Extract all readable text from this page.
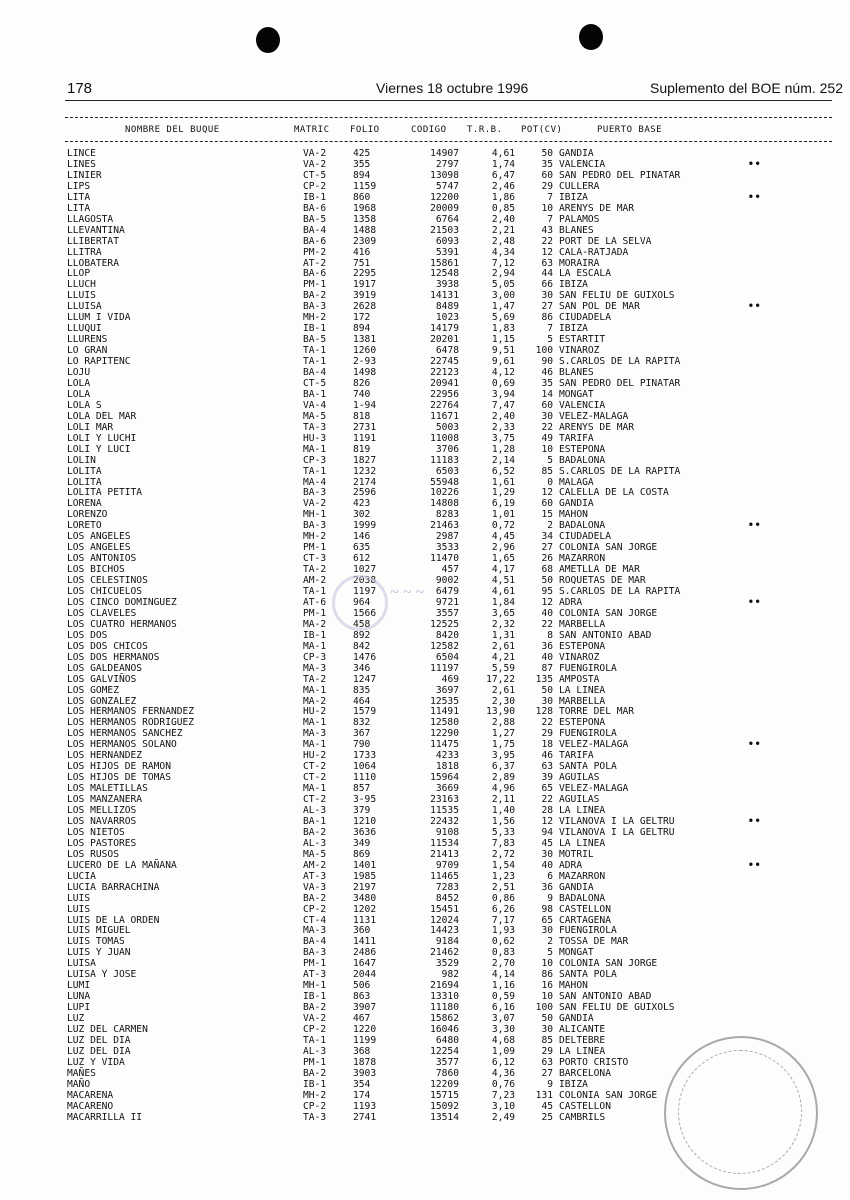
178	Viernes 18 octubre 1996	Suplemento del BOE núm. 252
NOMBRE DEL BUQUE	MATRIC FOLIO	CODIGO T.R.B. POT(CV)	PUERTO BASE
LINCE	VA-2	425	14907	4,61	50 GANDIA
LINES	VA-2	355	2797	1,74	35 VALENCIA	••
LINIER	CT-5	894	13098	6,47	60 SAN PEDRO DEL PINATAR
LIPS	CP-2	1159	5747	2,46	29 CULLERA
LITA	IB-1	860	12200	1,86	7 IBIZA	••
LITA	BA-6	1968	20009	0,85	10 ARENYS DE MAR
LLAGOSTA	BA-5	1358	6764	2,40	7 PALAMOS
LLEVANTINA	BA-4	1488	21503	2,21	43 BLANES
LLIBERTAT	BA-6	2309	6093	2,48	22 PORT DE LA SELVA
LLITRA	PM-2	416	5391	4,34	12 CALA-RATJADA
LLOBATERA	AT-2	751	15861	7,12	63 MORAIRA
LLOP	BA-6	2295	12548	2,94	44 LA ESCALA
LLUCH	PM-1	1917	3938	5,05	66 IBIZA
LLUIS	BA-2	3919	14131	3,00	30 SAN FELIU DE GUIXOLS
LLUISA	BA-3	2628	8489	1,47	27 SAN POL DE MAR	••
LLUM I VIDA	MH-2	172	1023	5,69	86 CIUDADELA
LLUQUI	IB-1	894	14179	1,83	7 IBIZA
LLURENS	BA-5	1381	20201	1,15	5 ESTARTIT
LO GRAN	TA-1	1260	6478	9,51	100 VINAROZ
LO RAPITENC	TA-1	2-93	22745	9,61	90 S.CARLOS DE LA RAPITA
LOJU	BA-4	1498	22123	4,12	46 BLANES
LOLA	CT-5	826	20941	0,69	35 SAN PEDRO DEL PINATAR
LOLA	BA-1	740	22956	3,94	14 MONGAT
LOLA S	VA-4	1-94	22764	7,47	60 VALENCIA
LOLA DEL MAR	MA-5	818	11671	2,40	30 VELEZ-MALAGA
LOLI MAR	TA-3	2731	5003	2,33	22 ARENYS DE MAR
LOLI Y LUCHI	HU-3	1191	11008	3,75	49 TARIFA
LOLI Y LUCI	MA-1	819	3706	1,28	10 ESTEPONA
LOLIN	CP-3	1827	11183	2,14	5 BADALONA
LOLITA	TA-1	1232	6503	6,52	85 S.CARLOS DE LA RAPITA
LOLITA	MA-4	2174	55948	1,61	0 MALAGA
LOLITA PETITA	BA-3	2596	10226	1,29	12 CALELLA DE LA COSTA
LORENA	VA-2	423	14808	6,19	60 GANDIA
LORENZO	MH-1	302	8283	1,01	15 MAHON
LORETO	BA-3	1999	21463	0,72	2 BADALONA	••
LOS ANGELES	MH-2	146	2987	4,45	34 CIUDADELA
LOS ANGELES	PM-1	635	3533	2,96	27 COLONIA SAN JORGE
LOS ANTONIOS	CT-3	612	11470	1,65	26 MAZARRON
LOS BICHOS	TA-2	1027	457	4,17	68 AMETLLA DE MAR
LOS CELESTINOS	AM-2	2038	9002	4,51	50 ROQUETAS DE MAR
LOS CHICUELOS	TA-1	1197	6479	4,61	95 S.CARLOS DE LA RAPITA
LOS CINCO DOMINGUEZ	AT-6	964	9721	1,84	12 ADRA	••
LOS CLAVELES	PM-1	1566	3557	3,65	40 COLONIA SAN JORGE
LOS CUATRO HERMANOS	MA-2	458	12525	2,32	22 MARBELLA
LOS DOS	IB-1	892	8420	1,31	8 SAN ANTONIO ABAD
LOS DOS CHICOS	MA-1	842	12582	2,61	36 ESTEPONA
LOS DOS HERMANOS	CP-3	1476	6504	4,21	40 VINAROZ
LOS GALDEANOS	MA-3	346	11197	5,59	87 FUENGIROLA
LOS GALVIÑOS	TA-2	1247	469	17,22	135 AMPOSTA
LOS GOMEZ	MA-1	835	3697	2,61	50 LA LINEA
LOS GONZALEZ	MA-2	464	12535	2,30	30 MARBELLA
LOS HERMANOS FERNANDEZ	HU-2	1579	11491	13,90	128 TORRE DEL MAR
LOS HERMANOS RODRIGUEZ	MA-1	832	12580	2,88	22 ESTEPONA
LOS HERMANOS SANCHEZ	MA-3	367	12290	1,27	29 FUENGIROLA
LOS HERMANOS SOLANO	MA-1	790	11475	1,75	18 VELEZ-MALAGA	••
LOS HERNANDEZ	HU-2	1733	4233	3,95	46 TARIFA
LOS HIJOS DE RAMON	CT-2	1064	1818	6,37	63 SANTA POLA
LOS HIJOS DE TOMAS	CT-2	1110	15964	2,89	39 AGUILAS
LOS MALETILLAS	MA-1	857	3669	4,96	65 VELEZ-MALAGA
LOS MANZANERA	CT-2	3-95	23163	2,11	22 AGUILAS
LOS MELLIZOS	AL-3	379	11535	1,40	28 LA LINEA
LOS NAVARROS	BA-1	1210	22432	1,56	12 VILANOVA I LA GELTRU	••
LOS NIETOS	BA-2	3636	9108	5,33	94 VILANOVA I LA GELTRU
LOS PASTORES	AL-3	349	11534	7,83	45 LA LINEA
LOS RUSOS	MA-5	869	21413	2,72	30 MOTRIL
LUCERO DE LA MAÑANA	AM-2	1401	9709	1,54	40 ADRA	••
LUCIA	AT-3	1985	11465	1,23	6 MAZARRON
LUCIA BARRACHINA	VA-3	2197	7283	2,51	36 GANDIA
LUIS	BA-2	3480	8452	0,86	9 BADALONA
LUIS	CP-2	1202	15451	6,26	98 CASTELLON
LUIS DE LA ORDEN	CT-4	1131	12024	7,17	65 CARTAGENA
LUIS MIGUEL	MA-3	360	14423	1,93	30 FUENGIROLA
LUIS TOMAS	BA-4	1411	9184	0,62	2 TOSSA DE MAR
LUIS Y JUAN	BA-3	2486	21462	0,83	5 MONGAT
LUISA	PM-1	1647	3529	2,70	10 COLONIA SAN JORGE
LUISA Y JOSE	AT-3	2044	982	4,14	86 SANTA POLA
LUMI	MH-1	506	21694	1,16	16 MAHON
LUNA	IB-1	863	13310	0,59	10 SAN ANTONIO ABAD
LUPI	BA-2	3907	11180	6,16	100 SAN FELIU DE GUIXOLS
LUZ	VA-2	467	15862	3,07	50 GANDIA
LUZ DEL CARMEN	CP-2	1220	16046	3,30	30 ALICANTE
LUZ DEL DIA	TA-1	1199	6480	4,68	85 DELTEBRE
LUZ DEL DIA	AL-3	368	12254	1,09	29 LA LINEA
LUZ Y VIDA	PM-1	1878	3577	6,12	63 PORTO CRISTO
MAÑES	BA-2	3903	7860	4,36	27 BARCELONA
MAÑO	IB-1	354	12209	0,76	9 IBIZA
MACARENA	MH-2	174	15715	7,23	131 COLONIA SAN JORGE
MACARENO	CP-2	1193	15092	3,10	45 CASTELLON
MACARRILLA II	TA-3	2741	13514	2,49	25 CAMBRILS
~ ~ ~
